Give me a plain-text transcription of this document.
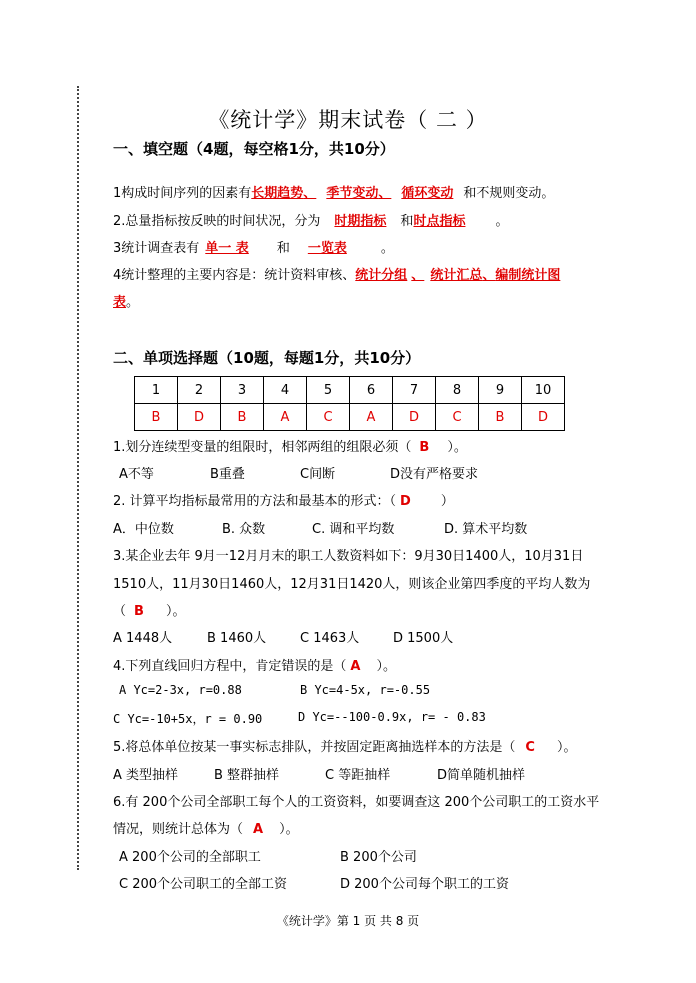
《统计学》期末试卷（ 二 ）
一、填空题（4题，每空格1分，共10分）
1构成时间序列的因素有长期趋势、 季节变动、 循环变动 和不规则变动。
2.总量指标按反映的时间状况，分为 时期指标 和时点指标 。
3统计调查表有 单一 表 和 一览表	。
4统计整理的主要内容是：统计资料审核、统计分组 、 统计汇总、编制统计图
表。
二、单项选择题（10题，每题1分，共10分）
1	2	3	4	5	6	7	8	9	10
B	D	B	A	C	A	D	C	B	D
1.划分连续型变量的组限时，相邻两组的组限必须（ B ）。
A不等	B重叠	C间断	D没有严格要求
2. 计算平均指标最常用的方法和最基本的形式：（ D ）
A．中位数	B. 众数	C. 调和平均数	D. 算术平均数
3.某企业去年 9月一12月月末的职工人数资料如下：9月30日1400人，10月31日
1510人，11月30日1460人，12月31日1420人，则该企业第四季度的平均人数为
（ B ）。
A 1448人	B 1460人	C 1463人	D 1500人
4.下列直线回归方程中，肯定错误的是（ A ）。
A Yc=2-3x, r=0.88	B Yc=4-5x, r=-0.55
C Yc=-10+5x，r = 0.90	D Yc=--100-0.9x, r= - 0.83
5.将总体单位按某一事实标志排队，并按固定距离抽选样本的方法是（ C ）。
A 类型抽样	B 整群抽样	C 等距抽样	D简单随机抽样
6.有 200个公司全部职工每个人的工资资料，如要调查这 200个公司职工的工资水平
情况，则统计总体为（ A ）。
A 200个公司的全部职工	B 200个公司
C 200个公司职工的全部工资	D 200个公司每个职工的工资
《统计学》第 1 页 共 8 页
